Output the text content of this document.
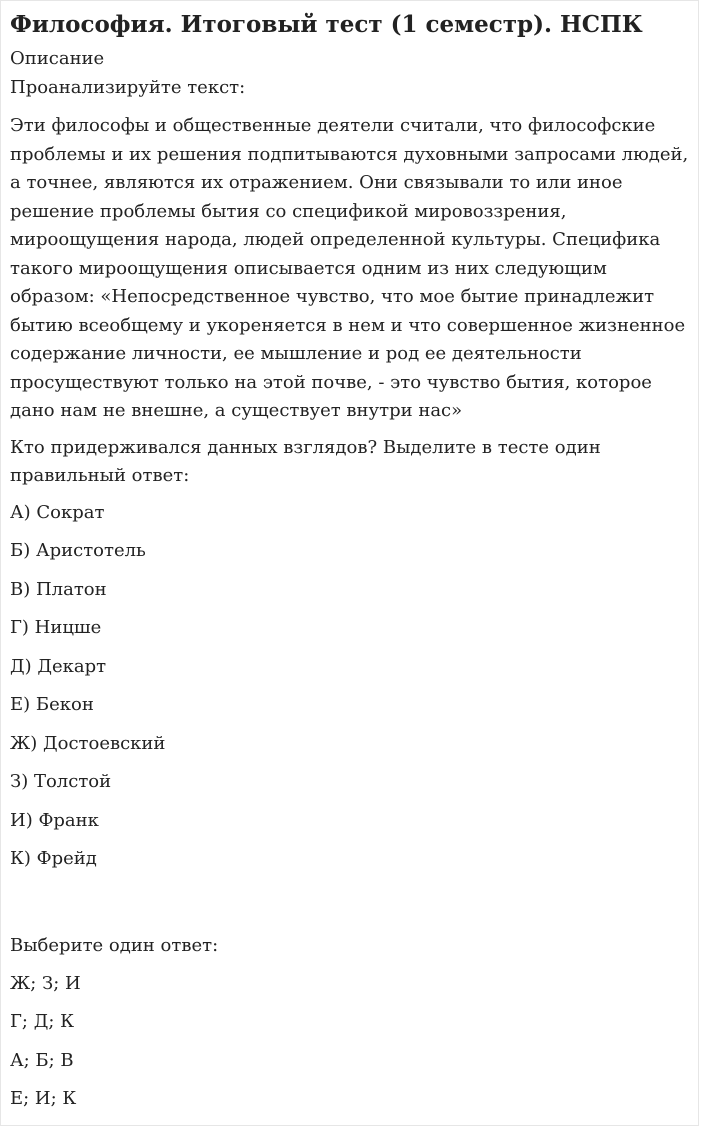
Философия. Итоговый тест (1 семестр). НСПК

Описание

Проанализируйте текст:

Эти философы и общественные деятели считали, что философские проблемы и их решения подпитываются духовными запросами людей, а точнее, являются их отражением. Они связывали то или иное решение проблемы бытия со спецификой мировоззрения, мироощущения народа, людей определенной культуры. Специфика такого мироощущения описывается одним из них следующим образом: «Непосредственное чувство, что мое бытие принадлежит бытию всеобщему и укореняется в нем и что совершенное жизненное содержание личности, ее мышление и род ее деятельности просуществуют только на этой почве, - это чувство бытия, которое дано нам не внешне, а существует внутри нас»

Кто придерживался данных взглядов? Выделите в тесте один правильный ответ:

А) Сократ
Б) Аристотель
В) Платон
Г) Ницше
Д) Декарт
Е) Бекон
Ж) Достоевский
З) Толстой
И) Франк
К) Фрейд
Выберите один ответ:
Ж; З; И
Г; Д; К
А; Б; В
Е; И; К
